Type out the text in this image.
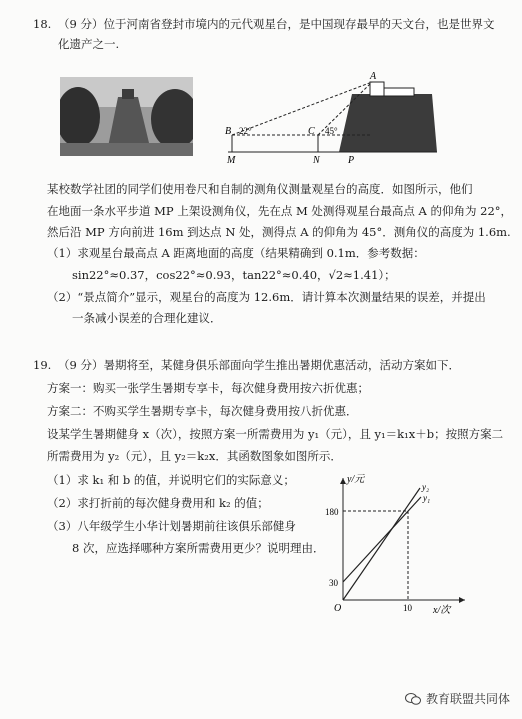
18. （9 分）位于河南省登封市境内的元代观星台，是中国现存最早的天文台，也是世界文
化遗产之一.
A
B	C
22°	45°
M	N	P
某校数学社团的同学们使用卷尺和自制的测角仪测量观星台的高度．如图所示，他们
在地面一条水平步道 MP 上架设测角仪，先在点 M 处测得观星台最高点 A 的仰角为 22°，
然后沿 MP 方向前进 16m 到达点 N 处，测得点 A 的仰角为 45°．测角仪的高度为 1.6m.
（1）求观星台最高点 A 距离地面的高度（结果精确到 0.1m．参考数据：
sin22°≈0.37，cos22°≈0.93，tan22°≈0.40，√2≈1.41）；
（2）“景点简介”显示，观星台的高度为 12.6m．请计算本次测量结果的误差，并提出
一条减小误差的合理化建议．
19. （9 分）暑期将至，某健身俱乐部面向学生推出暑期优惠活动，活动方案如下．
方案一：购买一张学生暑期专享卡，每次健身费用按六折优惠；
方案二：不购买学生暑期专享卡，每次健身费用按八折优惠．
设某学生暑期健身 x（次），按照方案一所需费用为 y₁（元），且 y₁＝k₁x＋b；按照方案二
所需费用为 y₂（元），且 y₂＝k₂x．其函数图象如图所示．
（1）求 k₁ 和 b 的值，并说明它们的实际意义；
（2）求打折前的每次健身费用和 k₂ 的值；
（3）八年级学生小华计划暑期前往该俱乐部健身
8 次，应选择哪种方案所需费用更少？说明理由．
y/元
x/次
O
180
30
10
y₂
y₁
教育联盟共同体
